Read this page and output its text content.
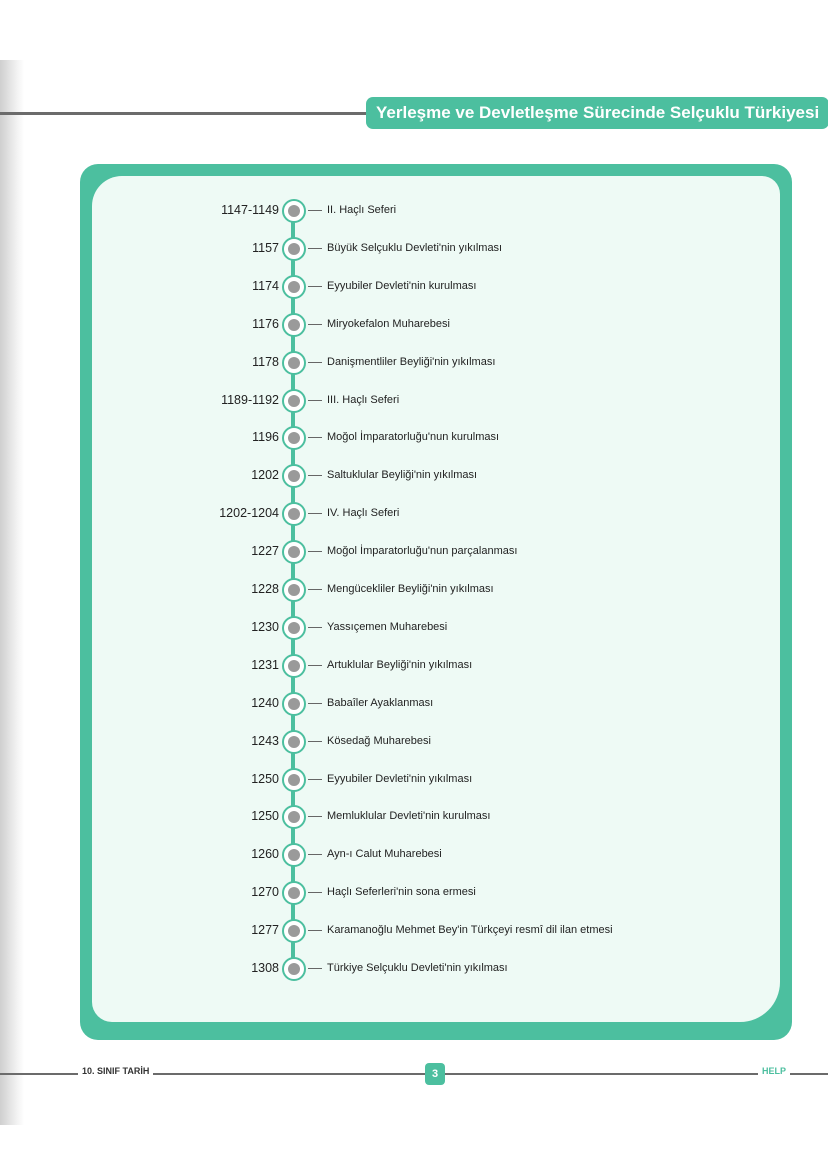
Yerleşme ve Devletleşme Sürecinde Selçuklu Türkiyesi
1147-1149	II. Haçlı Seferi
1157	Büyük Selçuklu Devleti'nin yıkılması
1174	Eyyubiler Devleti'nin kurulması
1176	Miryokefalon Muharebesi
1178	Danişmentliler Beyliği'nin yıkılması
1189-1192	III. Haçlı Seferi
1196	Moğol İmparatorluğu'nun kurulması
1202	Saltuklular Beyliği'nin yıkılması
1202-1204	IV. Haçlı Seferi
1227	Moğol İmparatorluğu'nun parçalanması
1228	Mengücekliler Beyliği'nin yıkılması
1230	Yassıçemen Muharebesi
1231	Artuklular Beyliği'nin yıkılması
1240	Babaîler Ayaklanması
1243	Kösedağ Muharebesi
1250	Eyyubiler Devleti'nin yıkılması
1250	Memluklular Devleti'nin kurulması
1260	Ayn-ı Calut Muharebesi
1270	Haçlı Seferleri'nin sona ermesi
1277	Karamanoğlu Mehmet Bey'in Türkçeyi resmî dil ilan etmesi
1308	Türkiye Selçuklu Devleti'nin yıkılması
10. SINIF TARİH	3	HELP
